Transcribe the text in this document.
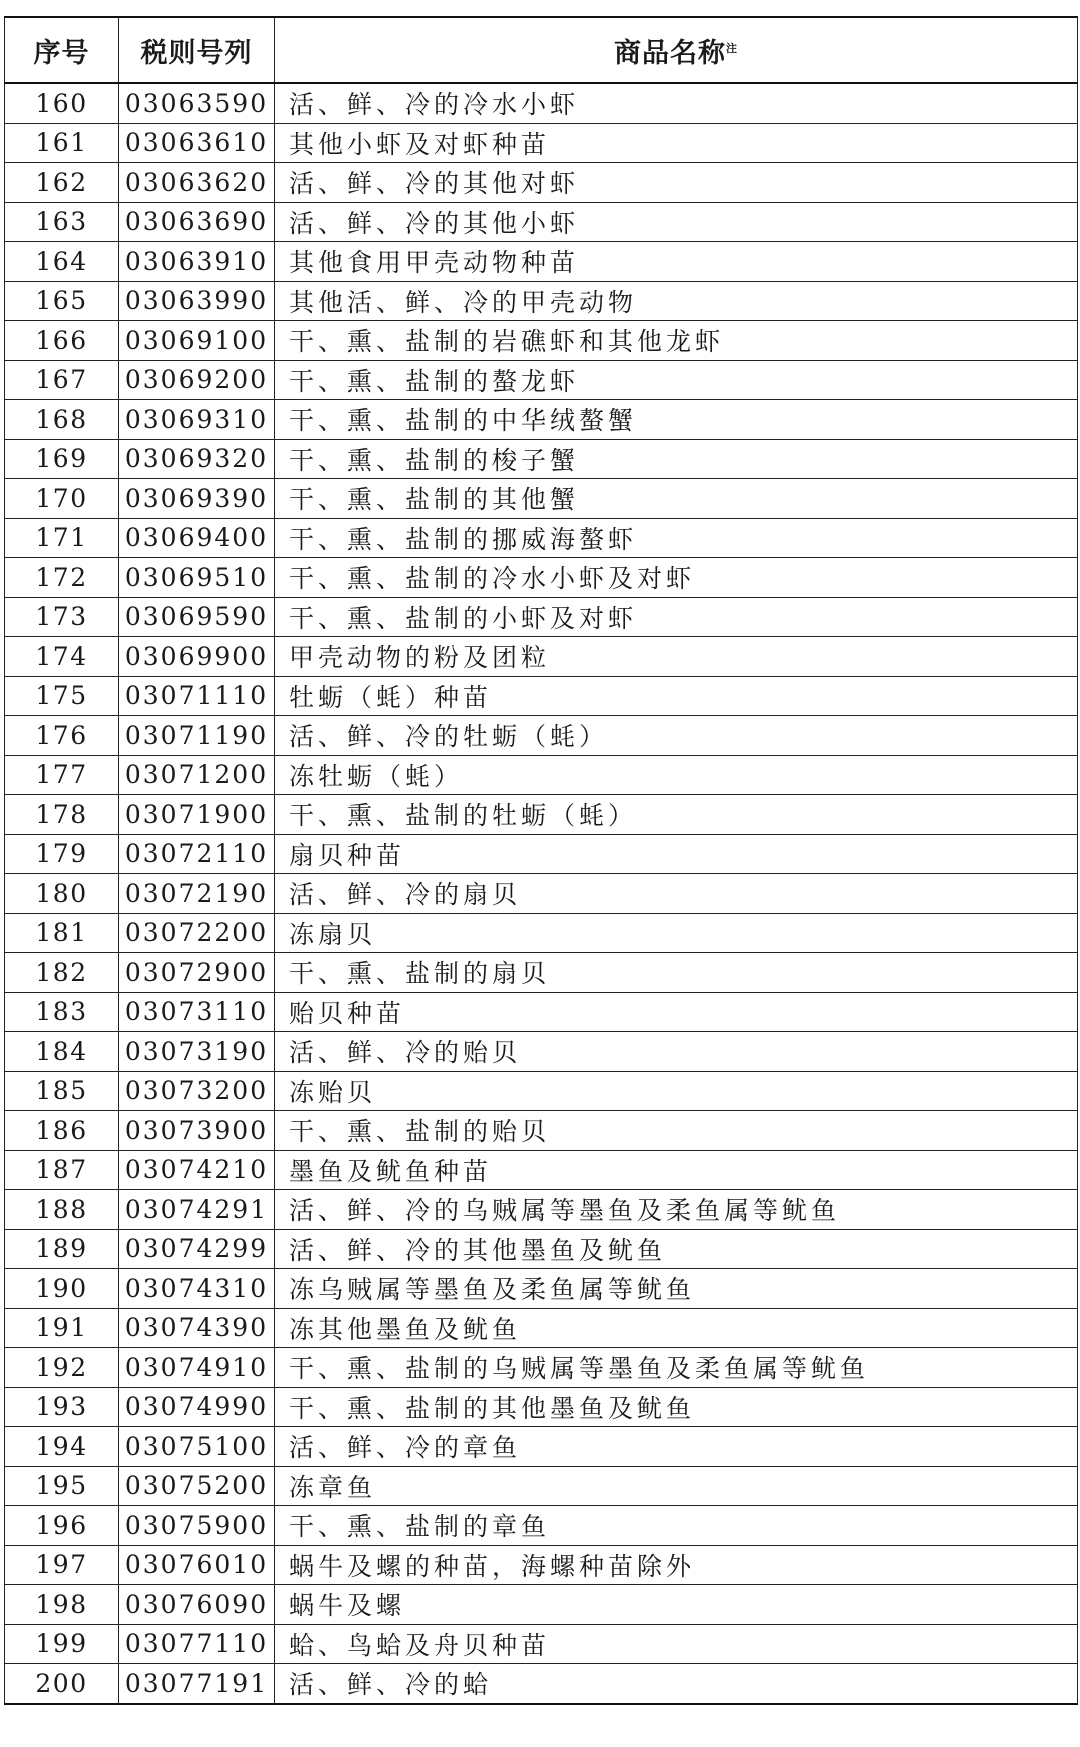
序号	税则号列	商品名称$^注$
160	03063590	活、鲜、冷的冷水小虾
161	03063610	其他小虾及对虾种苗
162	03063620	活、鲜、冷的其他对虾
163	03063690	活、鲜、冷的其他小虾
164	03063910	其他食用甲壳动物种苗
165	03063990	其他活、鲜、冷的甲壳动物
166	03069100	干、熏、盐制的岩礁虾和其他龙虾
167	03069200	干、熏、盐制的螯龙虾
168	03069310	干、熏、盐制的中华绒螯蟹
169	03069320	干、熏、盐制的梭子蟹
170	03069390	干、熏、盐制的其他蟹
171	03069400	干、熏、盐制的挪威海螯虾
172	03069510	干、熏、盐制的冷水小虾及对虾
173	03069590	干、熏、盐制的小虾及对虾
174	03069900	甲壳动物的粉及团粒
175	03071110	牡蛎（蚝）种苗
176	03071190	活、鲜、冷的牡蛎（蚝）
177	03071200	冻牡蛎（蚝）
178	03071900	干、熏、盐制的牡蛎（蚝）
179	03072110	扇贝种苗
180	03072190	活、鲜、冷的扇贝
181	03072200	冻扇贝
182	03072900	干、熏、盐制的扇贝
183	03073110	贻贝种苗
184	03073190	活、鲜、冷的贻贝
185	03073200	冻贻贝
186	03073900	干、熏、盐制的贻贝
187	03074210	墨鱼及鱿鱼种苗
188	03074291	活、鲜、冷的乌贼属等墨鱼及柔鱼属等鱿鱼
189	03074299	活、鲜、冷的其他墨鱼及鱿鱼
190	03074310	冻乌贼属等墨鱼及柔鱼属等鱿鱼
191	03074390	冻其他墨鱼及鱿鱼
192	03074910	干、熏、盐制的乌贼属等墨鱼及柔鱼属等鱿鱼
193	03074990	干、熏、盐制的其他墨鱼及鱿鱼
194	03075100	活、鲜、冷的章鱼
195	03075200	冻章鱼
196	03075900	干、熏、盐制的章鱼
197	03076010	蜗牛及螺的种苗，海螺种苗除外
198	03076090	蜗牛及螺
199	03077110	蛤、鸟蛤及舟贝种苗
200	03077191	活、鲜、冷的蛤
